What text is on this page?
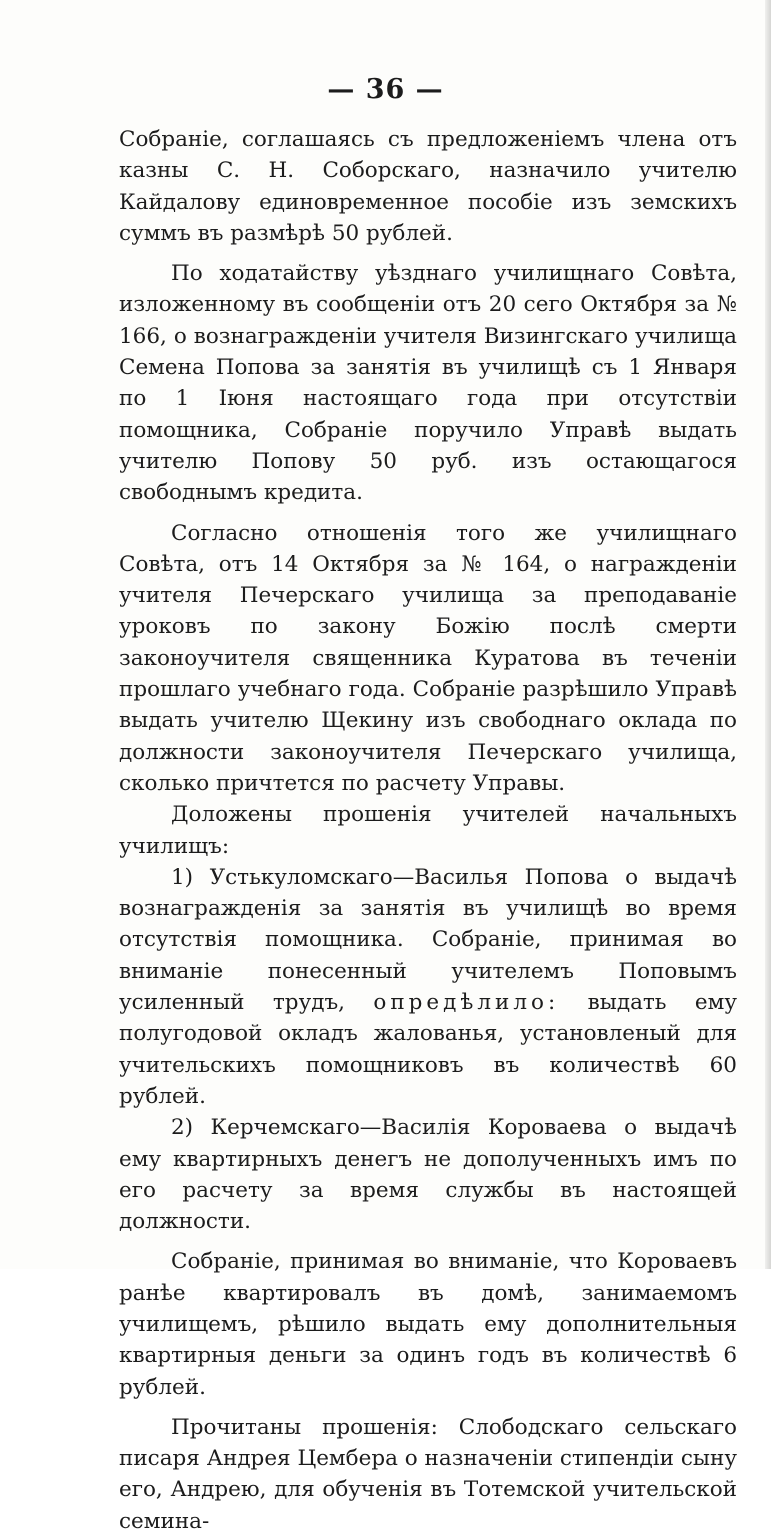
— 36 —

Собраніе, соглашаясь съ предложеніемъ члена отъ казны С. Н. Соборскаго, назначило учителю Кайдалову единовременное пособіе изъ земскихъ суммъ въ размѣрѣ 50 рублей.

По ходатайству уѣзднаго училищнаго Совѣта, изложенному въ сообщеніи отъ 20 сего Октября за № 166, о вознагражденіи учителя Визингскаго училища Семена Попова за занятія въ училищѣ съ 1 Января по 1 Іюня настоящаго года при отсутствіи помощника, Собраніе поручило Управѣ выдать учителю Попову 50 руб. изъ остающагося свободнымъ кредита.

Согласно отношенія того же училищнаго Совѣта, отъ 14 Октября за № 164, о награжденіи учителя Печерскаго училища за преподаваніе уроковъ по закону Божію послѣ смерти законоучителя священника Куратова въ теченіи прошлаго учебнаго года. Собраніе разрѣшило Управѣ выдать учителю Щекину изъ свободнаго оклада по должности законоучителя Печерскаго училища, сколько причтется по расчету Управы.

Доложены прошенія учителей начальныхъ училищъ:

1) Устькуломскаго—Василья Попова о выдачѣ вознагражденія за занятія въ училищѣ во время отсутствія помощника. Собраніе, принимая во вниманіе понесенный учителемъ Поповымъ усиленный трудъ, опредѣлило: выдать ему полугодовой окладъ жалованья, установленый для учительскихъ помощниковъ въ количествѣ 60 рублей.

2) Керчемскаго—Василія Короваева о выдачѣ ему квартирныхъ денегъ не дополученныхъ имъ по его расчету за время службы въ настоящей должности.

Собраніе, принимая во вниманіе, что Короваевъ ранѣе квартировалъ въ домѣ, занимаемомъ училищемъ, рѣшило выдать ему дополнительныя квартирныя деньги за одинъ годъ въ количествѣ 6 рублей.

Прочитаны прошенія: Слободскаго сельскаго писаря Андрея Цембера о назначеніи стипендіи сыну его, Андрею, для обученія въ Тотемской учительской семина-
